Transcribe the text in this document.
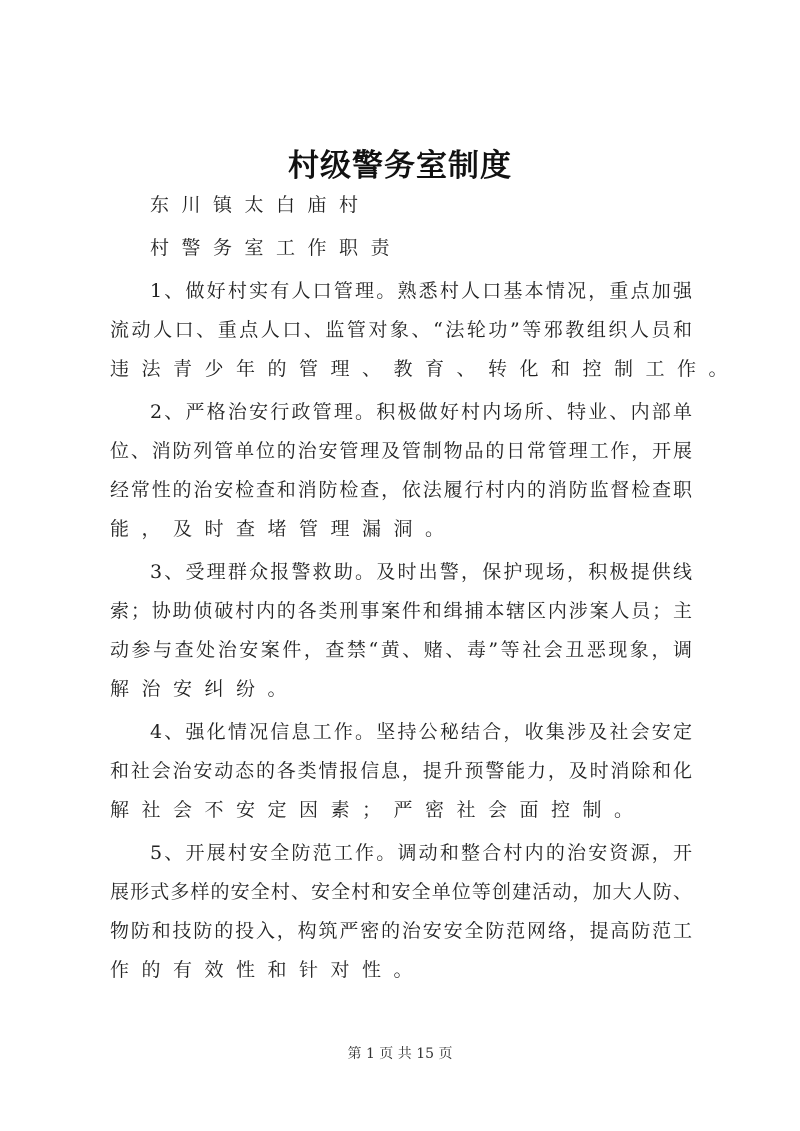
村级警务室制度
东川镇太白庙村
村警务室工作职责
1、做好村实有人口管理。熟悉村人口基本情况，重点加强
流动人口、重点人口、监管对象、“法轮功”等邪教组织人员和
违法青少年的管理、教育、转化和控制工作。
2、严格治安行政管理。积极做好村内场所、特业、内部单
位、消防列管单位的治安管理及管制物品的日常管理工作，开展
经常性的治安检查和消防检查，依法履行村内的消防监督检查职
能，及时查堵管理漏洞。
3、受理群众报警救助。及时出警，保护现场，积极提供线
索；协助侦破村内的各类刑事案件和缉捕本辖区内涉案人员；主
动参与查处治安案件，查禁“黄、赌、毒”等社会丑恶现象，调
解治安纠纷。
4、强化情况信息工作。坚持公秘结合，收集涉及社会安定
和社会治安动态的各类情报信息，提升预警能力，及时消除和化
解社会不安定因素；严密社会面控制。
5、开展村安全防范工作。调动和整合村内的治安资源，开
展形式多样的安全村、安全村和安全单位等创建活动，加大人防、
物防和技防的投入，构筑严密的治安安全防范网络，提高防范工
作的有效性和针对性。
第 1 页 共 15 页
